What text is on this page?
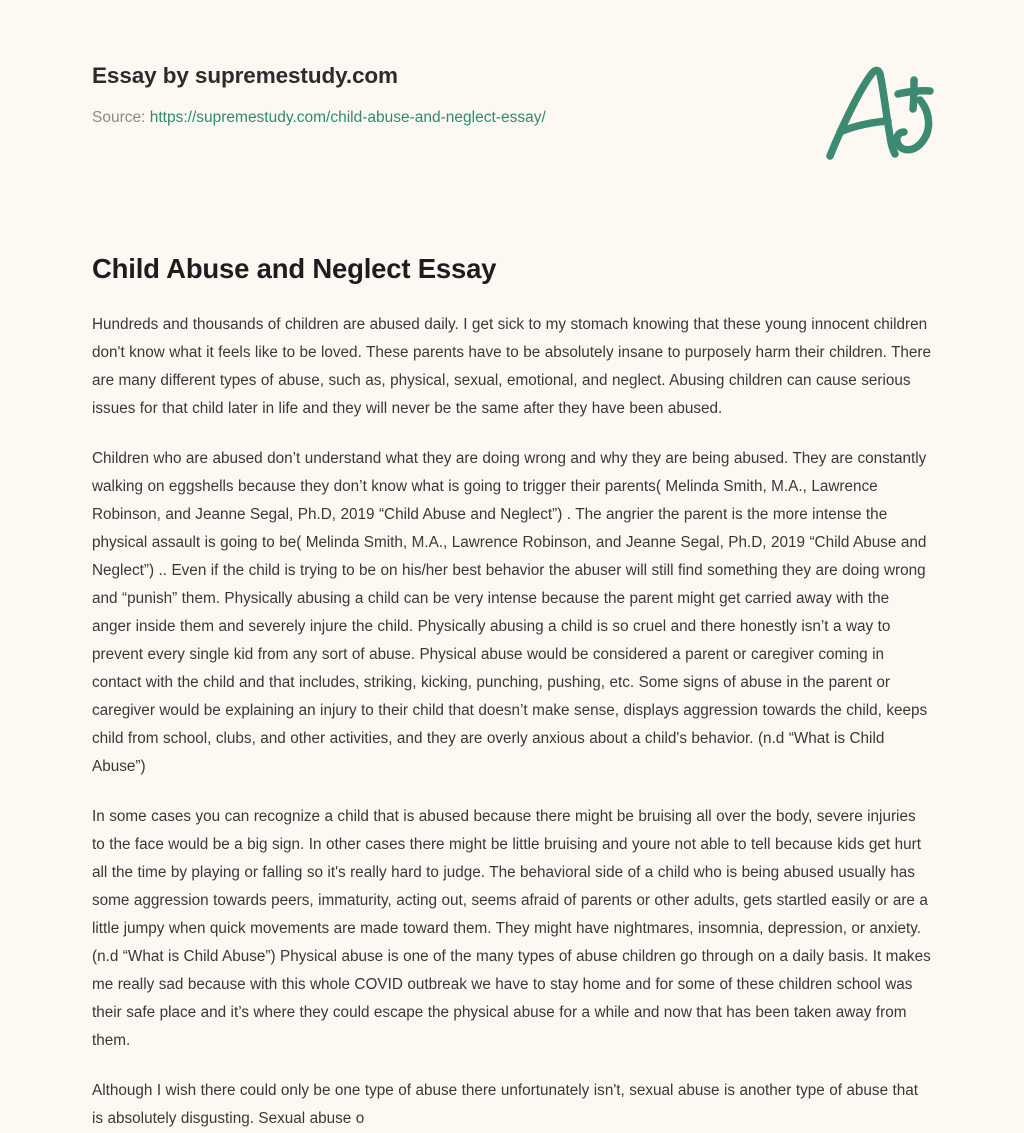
Essay by supremestudy.com
Source: https://supremestudy.com/child-abuse-and-neglect-essay/
Child Abuse and Neglect Essay

Hundreds and thousands of children are abused daily. I get sick to my stomach knowing that these young innocent children don't know what it feels like to be loved. These parents have to be absolutely insane to purposely harm their children. There are many different types of abuse, such as, physical, sexual, emotional, and neglect. Abusing children can cause serious issues for that child later in life and they will never be the same after they have been abused.

Children who are abused don’t understand what they are doing wrong and why they are being abused. They are constantly walking on eggshells because they don’t know what is going to trigger their parents( Melinda Smith, M.A., Lawrence Robinson, and Jeanne Segal, Ph.D, 2019 “Child Abuse and Neglect”) . The angrier the parent is the more intense the physical assault is going to be( Melinda Smith, M.A., Lawrence Robinson, and Jeanne Segal, Ph.D, 2019 “Child Abuse and Neglect”) .. Even if the child is trying to be on his/her best behavior the abuser will still find something they are doing wrong and “punish” them. Physically abusing a child can be very intense because the parent might get carried away with the anger inside them and severely injure the child. Physically abusing a child is so cruel and there honestly isn’t a way to prevent every single kid from any sort of abuse. Physical abuse would be considered a parent or caregiver coming in contact with the child and that includes, striking, kicking, punching, pushing, etc. Some signs of abuse in the parent or caregiver would be explaining an injury to their child that doesn’t make sense, displays aggression towards the child, keeps child from school, clubs, and other activities, and they are overly anxious about a child's behavior. (n.d “What is Child Abuse”)

In some cases you can recognize a child that is abused because there might be bruising all over the body, severe injuries to the face would be a big sign. In other cases there might be little bruising and youre not able to tell because kids get hurt all the time by playing or falling so it's really hard to judge. The behavioral side of a child who is being abused usually has some aggression towards peers, immaturity, acting out, seems afraid of parents or other adults, gets startled easily or are a little jumpy when quick movements are made toward them. They might have nightmares, insomnia, depression, or anxiety.(n.d “What is Child Abuse”) Physical abuse is one of the many types of abuse children go through on a daily basis. It makes me really sad because with this whole COVID outbreak we have to stay home and for some of these children school was their safe place and it’s where they could escape the physical abuse for a while and now that has been taken away from them.

Although I wish there could only be one type of abuse there unfortunately isn't, sexual abuse is another type of abuse that is absolutely disgusting. Sexual abuse o
